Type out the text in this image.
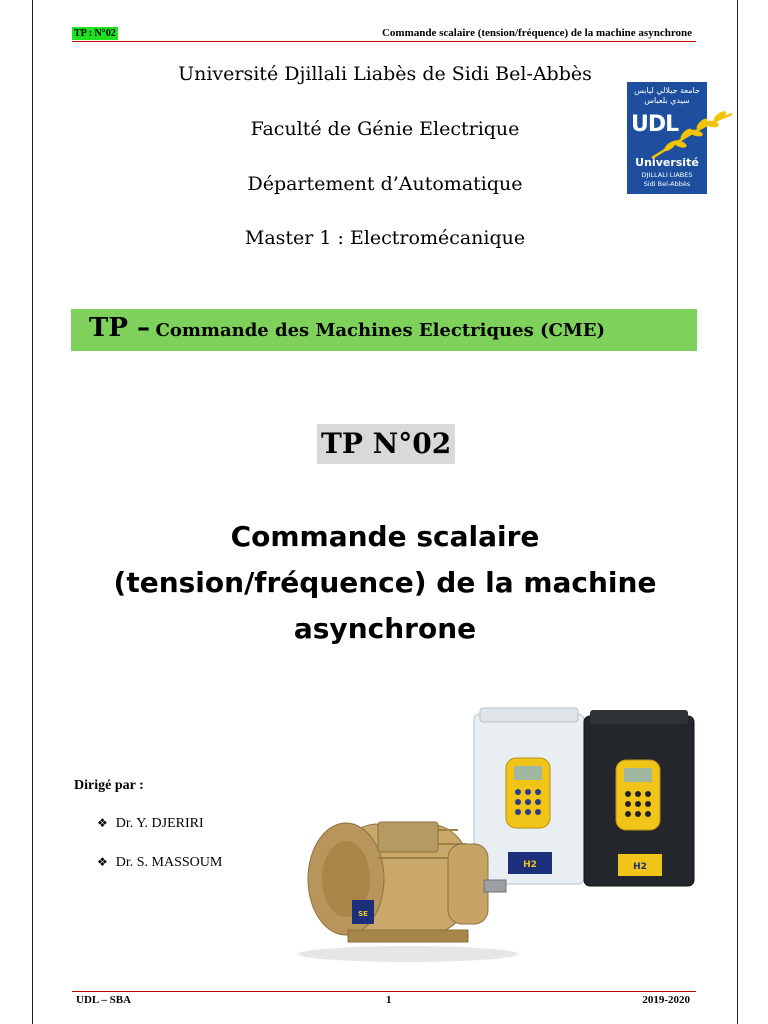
TP : N°02	Commande scalaire (tension/fréquence) de la machine asynchrone
Université Djillali Liabès de Sidi Bel-Abbès
Faculté de Génie Electrique
Département d’Automatique
Master 1 : Electromécanique
جامعة جيلالي ليابس
سيدي بلعباس
UDL
Université
DJILLALI LIABES
Sidi Bel-Abbès
TP – Commande des Machines Electriques (CME)
TP N°02
Commande scalaire
(tension/fréquence) de la machine
asynchrone
Dirigé par :
❖ Dr. Y. DJERIRI
❖ Dr. S. MASSOUM	H2	H2
SE
UDL – SBA	1	2019-2020
